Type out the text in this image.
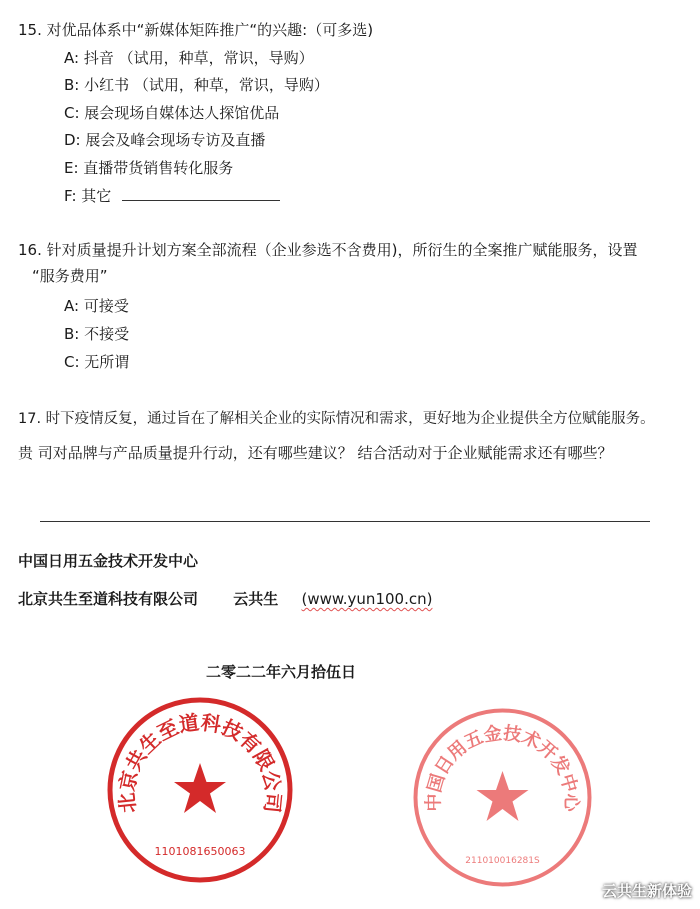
15. 对优品体系中“新媒体矩阵推广“的兴趣:（可多选)
A: 抖音 （试用，种草，常识，导购）
B: 小红书 （试用，种草，常识，导购）
C: 展会现场自媒体达人探馆优品
D: 展会及峰会现场专访及直播
E: 直播带货销售转化服务
F: 其它
16. 针对质量提升计划方案全部流程（企业参选不含费用)，所衍生的全案推广赋能服务，设置
“服务费用”
A: 可接受
B: 不接受
C: 无所谓
17. 时下疫情反复，通过旨在了解相关企业的实际情况和需求，更好地为企业提供全方位赋能服务。
贵 司对品牌与产品质量提升行动，还有哪些建议？ 结合活动对于企业赋能需求还有哪些？
中国日用五金技术开发中心
北京共生至道科技有限公司 云共生 (www.yun100.cn)
二零二二年六月拾伍日
北京共生至道科技有限公司
1101081650063
中国日用五金技术开发中心
211010016281S
云共生新体验
